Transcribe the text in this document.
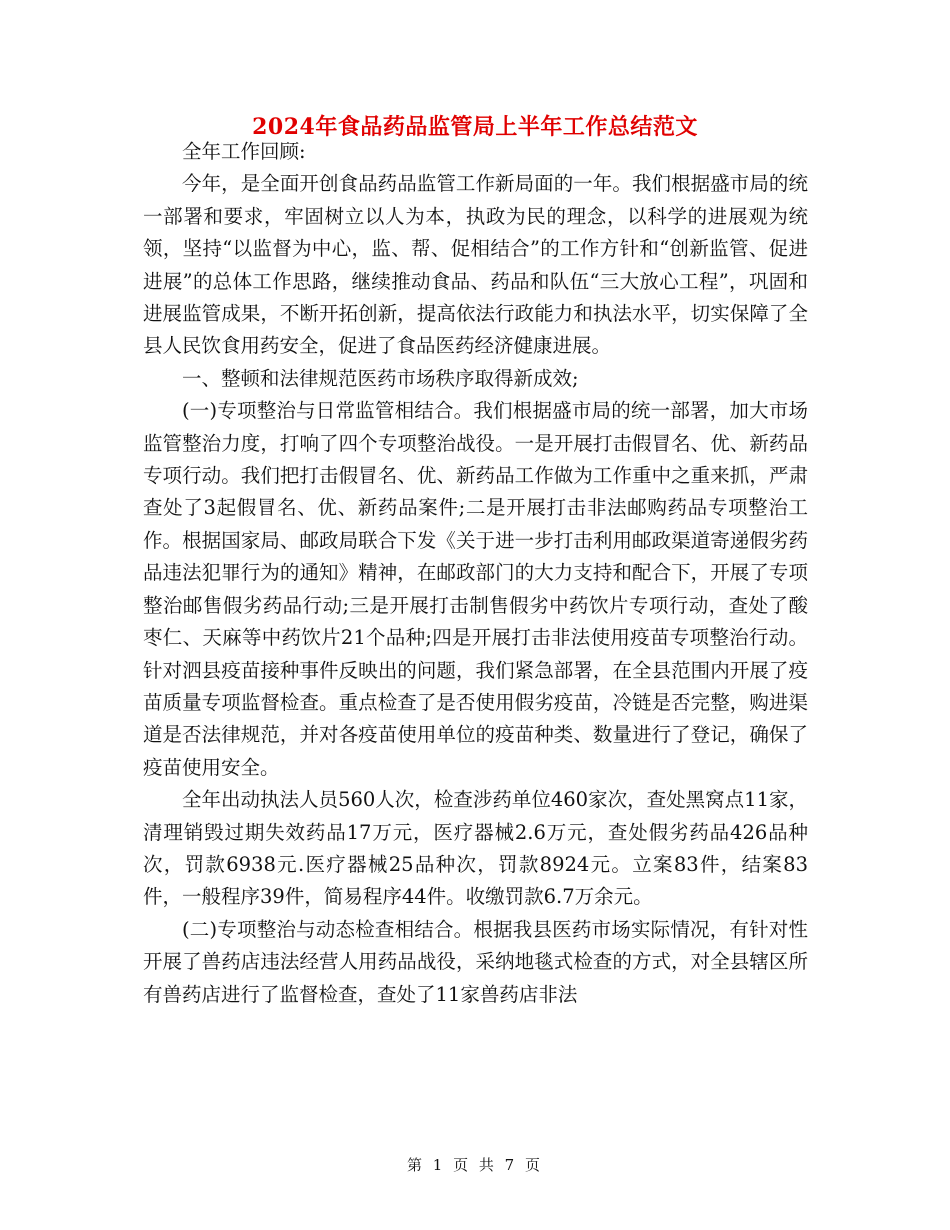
2024年食品药品监管局上半年工作总结范文

全年工作回顾:

今年，是全面开创食品药品监管工作新局面的一年。我们根据盛市局的统一部署和要求，牢固树立以人为本，执政为民的理念，以科学的进展观为统领，坚持“以监督为中心，监、帮、促相结合”的工作方针和“创新监管、促进进展”的总体工作思路，继续推动食品、药品和队伍“三大放心工程”，巩固和进展监管成果，不断开拓创新，提高依法行政能力和执法水平，切实保障了全县人民饮食用药安全，促进了食品医药经济健康进展。

一、整顿和法律规范医药市场秩序取得新成效;

(一)专项整治与日常监管相结合。我们根据盛市局的统一部署，加大市场监管整治力度，打响了四个专项整治战役。一是开展打击假冒名、优、新药品专项行动。我们把打击假冒名、优、新药品工作做为工作重中之重来抓，严肃查处了3起假冒名、优、新药品案件;二是开展打击非法邮购药品专项整治工作。根据国家局、邮政局联合下发《关于进一步打击利用邮政渠道寄递假劣药品违法犯罪行为的通知》精神，在邮政部门的大力支持和配合下，开展了专项整治邮售假劣药品行动;三是开展打击制售假劣中药饮片专项行动，查处了酸枣仁、天麻等中药饮片21个品种;四是开展打击非法使用疫苗专项整治行动。针对泗县疫苗接种事件反映出的问题，我们紧急部署，在全县范围内开展了疫苗质量专项监督检查。重点检查了是否使用假劣疫苗，冷链是否完整，购进渠道是否法律规范，并对各疫苗使用单位的疫苗种类、数量进行了登记，确保了疫苗使用安全。

全年出动执法人员560人次，检查涉药单位460家次，查处黑窝点11家，清理销毁过期失效药品17万元，医疗器械2.6万元，查处假劣药品426品种次，罚款6938元.医疗器械25品种次，罚款8924元。立案83件，结案83件，一般程序39件，简易程序44件。收缴罚款6.7万余元。

(二)专项整治与动态检查相结合。根据我县医药市场实际情况，有针对性开展了兽药店违法经营人用药品战役，采纳地毯式检查的方式，对全县辖区所有兽药店进行了监督检查，查处了11家兽药店非法

第 1 页 共 7 页
